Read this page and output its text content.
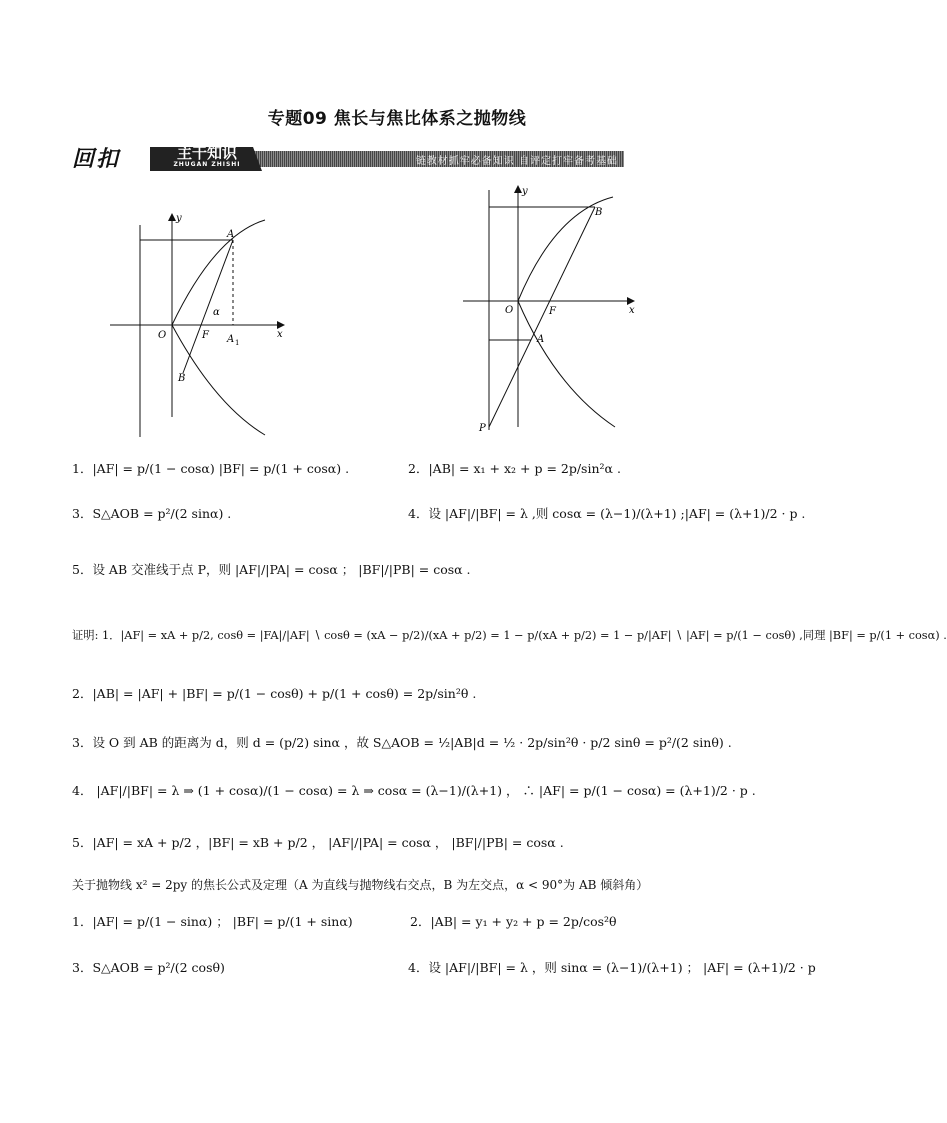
专题09 焦长与焦比体系之抛物线
回扣	主干知识
ZHUGAN ZHISHI	链教材抓牢必备知识 自评定打牢备考基础
y
x
A
B
O	F A 1
α
y
x
B
A
O	F
P
1．|AF| = p/(1 − cosα) |BF| = p/(1 + cosα) .	2．|AB| = x₁ + x₂ + p = 2p/sin²α .
3．S△AOB = p²/(2 sinα) .	4．设 |AF|/|BF| = λ ,则 cosα = (λ−1)/(λ+1) ;|AF| = (λ+1)/2 · p .
5．设 AB 交准线于点 P，则 |AF|/|PA| = cosα ； |BF|/|PB| = cosα .
证明: 1．|AF| = xA + p/2, cosθ = |FA|/|AF| ∖ cosθ = (xA − p/2)/(xA + p/2) = 1 − p/(xA + p/2) = 1 − p/|AF| ∖ |AF| = p/(1 − cosθ) ,同理 |BF| = p/(1 + cosα) .
2．|AB| = |AF| + |BF| = p/(1 − cosθ) + p/(1 + cosθ) = 2p/sin²θ .
3．设 O 到 AB 的距离为 d，则 d = (p/2) sinα ，故 S△AOB = ½|AB|d = ½ · 2p/sin²θ · p/2 sinθ = p²/(2 sinθ) .
4． |AF|/|BF| = λ ⇒ (1 + cosα)/(1 − cosα) = λ ⇒ cosα = (λ−1)/(λ+1) ， ∴ |AF| = p/(1 − cosα) = (λ+1)/2 · p .
5．|AF| = xA + p/2 ，|BF| = xB + p/2 ， |AF|/|PA| = cosα ， |BF|/|PB| = cosα .
关于抛物线 x² = 2py 的焦长公式及定理（A 为直线与抛物线右交点，B 为左交点，α < 90°为 AB 倾斜角）
1．|AF| = p/(1 − sinα) ； |BF| = p/(1 + sinα)	2．|AB| = y₁ + y₂ + p = 2p/cos²θ
3．S△AOB = p²/(2 cosθ)	4．设 |AF|/|BF| = λ ，则 sinα = (λ−1)/(λ+1) ； |AF| = (λ+1)/2 · p
